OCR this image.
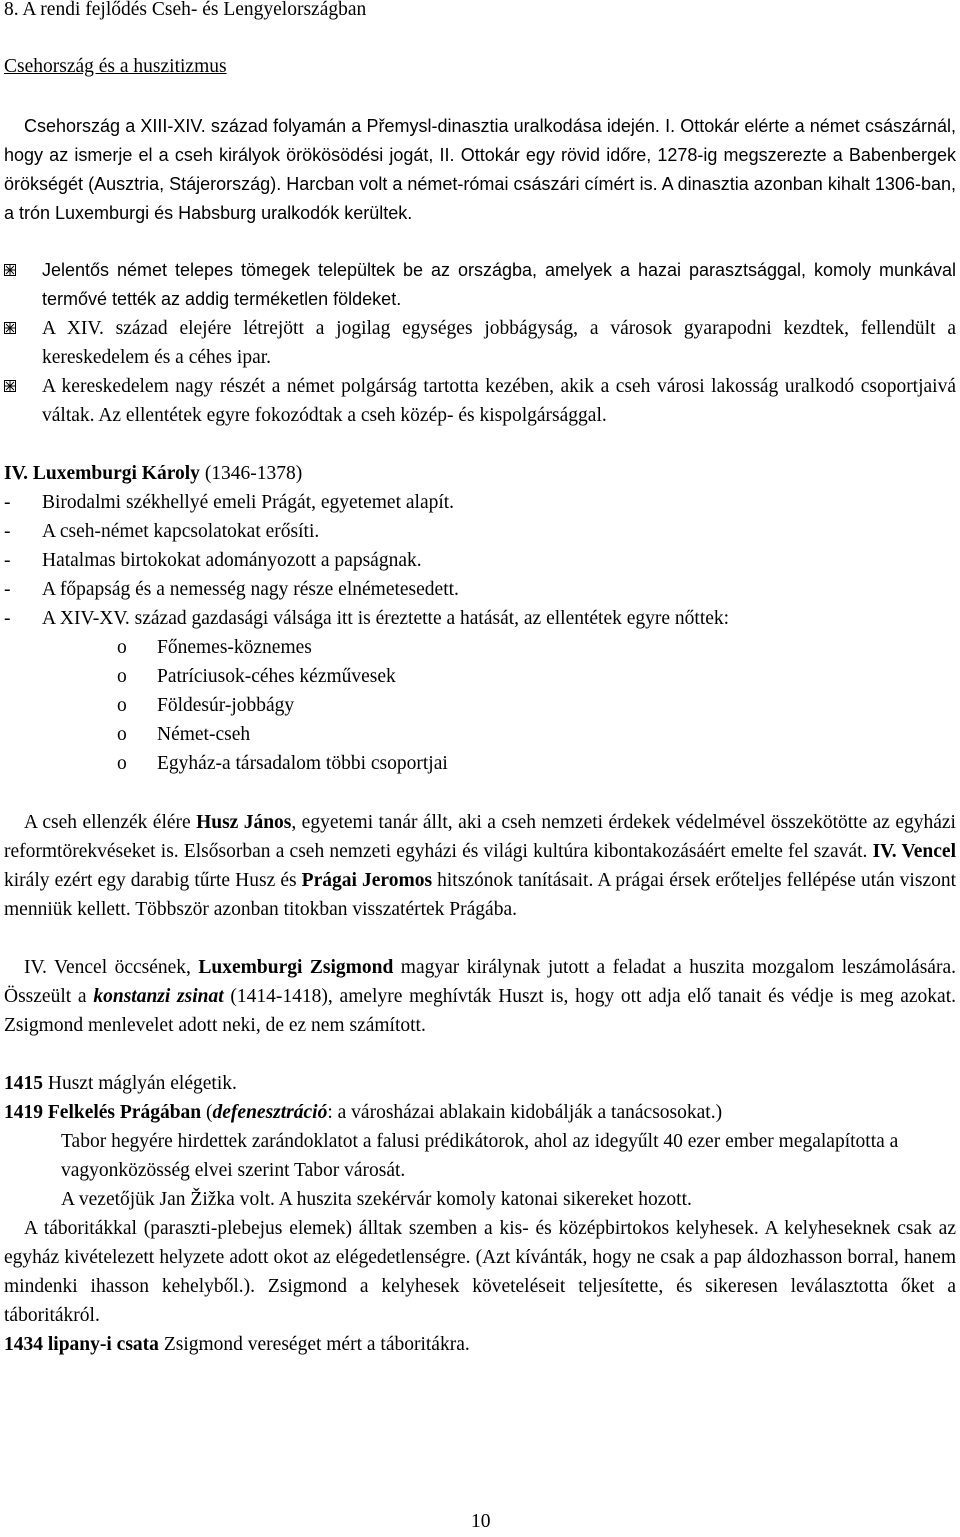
8. A rendi fejlődés Cseh- és Lengyelországban
Csehország és a huszitizmus
Csehország a XIII-XIV. század folyamán a Přemysl-dinasztia uralkodása idején. I. Ottokár elérte a német császárnál, hogy az ismerje el a cseh királyok örökösödési jogát, II. Ottokár egy rövid időre, 1278-ig megszerezte a Babenbergek örökségét (Ausztria, Stájerország). Harcban volt a német-római császári címért is. A dinasztia azonban kihalt 1306-ban, a trón Luxemburgi és Habsburg uralkodók kerültek.
Jelentős német telepes tömegek települtek be az országba, amelyek a hazai parasztsággal, komoly munkával termővé tették az addig terméketlen földeket.
A XIV. század elejére létrejött a jogilag egységes jobbágyság, a városok gyarapodni kezdtek, fellendült a kereskedelem és a céhes ipar.
A kereskedelem nagy részét a német polgárság tartotta kezében, akik a cseh városi lakosság uralkodó csoportjaivá váltak. Az ellentétek egyre fokozódtak a cseh közép- és kispolgársággal.
IV. Luxemburgi Károly (1346-1378)
- Birodalmi székhellyé emeli Prágát, egyetemet alapít.
- A cseh-német kapcsolatokat erősíti.
- Hatalmas birtokokat adományozott a papságnak.
- A főpapság és a nemesség nagy része elnémetesedett.
- A XIV-XV. század gazdasági válsága itt is éreztette a hatását, az ellentétek egyre nőttek:
o Főnemes-köznemes
o Patríciusok-céhes kézművesek
o Földesúr-jobbágy
o Német-cseh
o Egyház-a társadalom többi csoportjai
A cseh ellenzék élére Husz János, egyetemi tanár állt, aki a cseh nemzeti érdekek védelmével összekötötte az egyházi reformtörekvéseket is. Elsősorban a cseh nemzeti egyházi és világi kultúra kibontakozásáért emelte fel szavát. IV. Vencel király ezért egy darabig tűrte Husz és Prágai Jeromos hitszónok tanításait. A prágai érsek erőteljes fellépése után viszont menniük kellett. Többször azonban titokban visszatértek Prágába.
IV. Vencel öccsének, Luxemburgi Zsigmond magyar királynak jutott a feladat a huszita mozgalom leszámolására. Összeült a konstanzi zsinat (1414-1418), amelyre meghívták Huszt is, hogy ott adja elő tanait és védje is meg azokat. Zsigmond menlevelet adott neki, de ez nem számított.
1415 Huszt máglyán elégetik.
1419 Felkelés Prágában (defenesztráció: a városházai ablakain kidobálják a tanácsosokat.)
Tabor hegyére hirdettek zarándoklatot a falusi prédikátorok, ahol az idegyűlt 40 ezer ember megalapította a vagyonközösség elvei szerint Tabor városát.
A vezetőjük Jan Žižka volt. A huszita szekérvár komoly katonai sikereket hozott.
A táboritákkal (paraszti-plebejus elemek) álltak szemben a kis- és középbirtokos kelyhesek. A kelyheseknek csak az egyház kivételezett helyzete adott okot az elégedetlenségre. (Azt kívánták, hogy ne csak a pap áldozhasson borral, hanem mindenki ihasson kehelyből.). Zsigmond a kelyhesek követeléseit teljesítette, és sikeresen leválasztotta őket a táboritákról.
1434 lipany-i csata Zsigmond vereséget mért a táboritákra.
10
